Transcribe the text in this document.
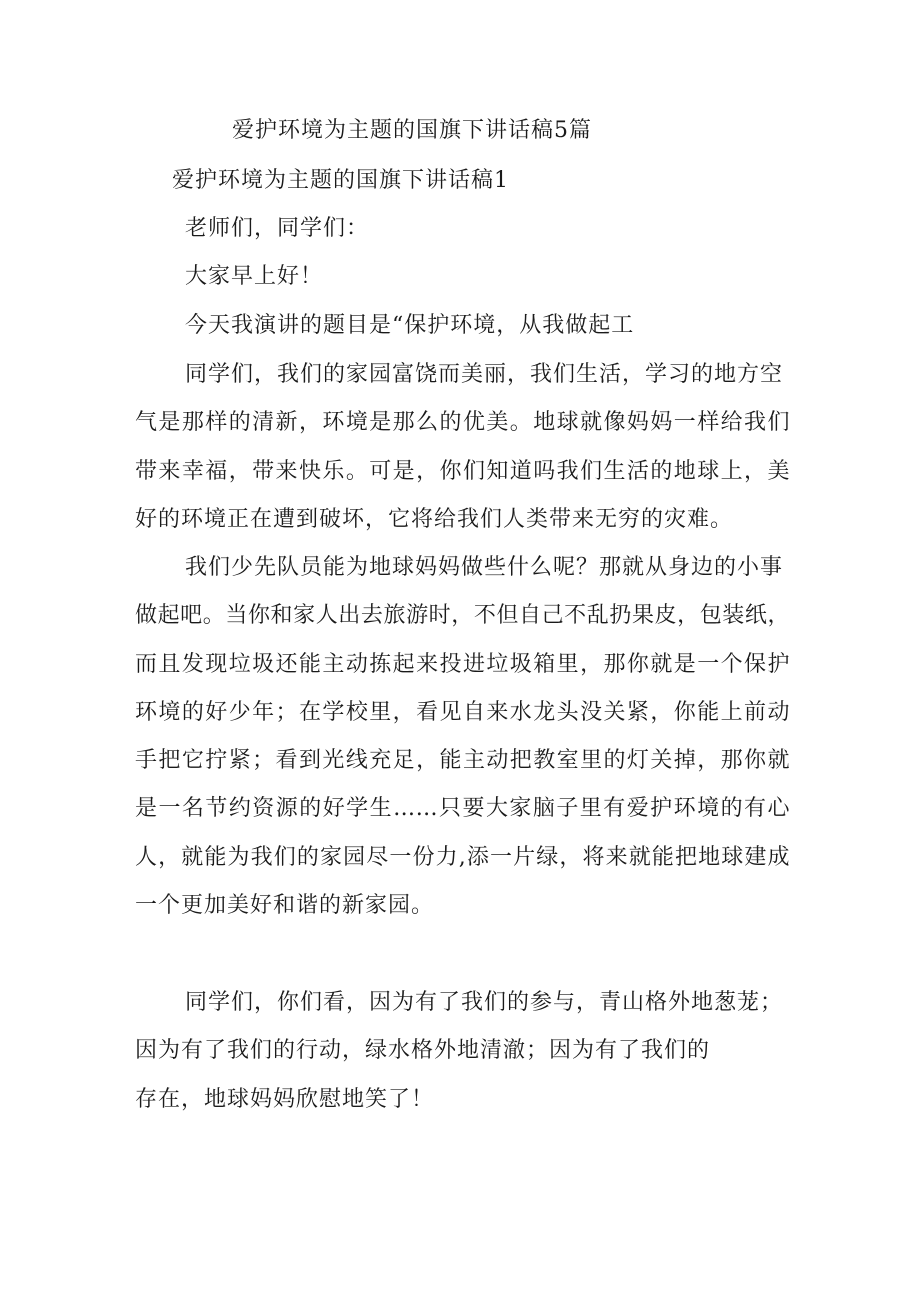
爱护环境为主题的国旗下讲话稿5篇
爱护环境为主题的国旗下讲话稿1
老师们，同学们：
大家早上好！
今天我演讲的题目是“保护环境，从我做起工
同学们，我们的家园富饶而美丽，我们生活，学习的地方空
气是那样的清新，环境是那么的优美。地球就像妈妈一样给我们
带来幸福，带来快乐。可是，你们知道吗我们生活的地球上，美
好的环境正在遭到破坏，它将给我们人类带来无穷的灾难。
我们少先队员能为地球妈妈做些什么呢？那就从身边的小事
做起吧。当你和家人出去旅游时，不但自己不乱扔果皮，包装纸，
而且发现垃圾还能主动拣起来投进垃圾箱里，那你就是一个保护
环境的好少年；在学校里，看见自来水龙头没关紧，你能上前动
手把它拧紧；看到光线充足，能主动把教室里的灯关掉，那你就
是一名节约资源的好学生……只要大家脑子里有爱护环境的有心
人，就能为我们的家园尽一份力,添一片绿，将来就能把地球建成
一个更加美好和谐的新家园。
同学们，你们看，因为有了我们的参与，青山格外地葱茏；
因为有了我们的行动，绿水格外地清澈；因为有了我们的
存在，地球妈妈欣慰地笑了！
